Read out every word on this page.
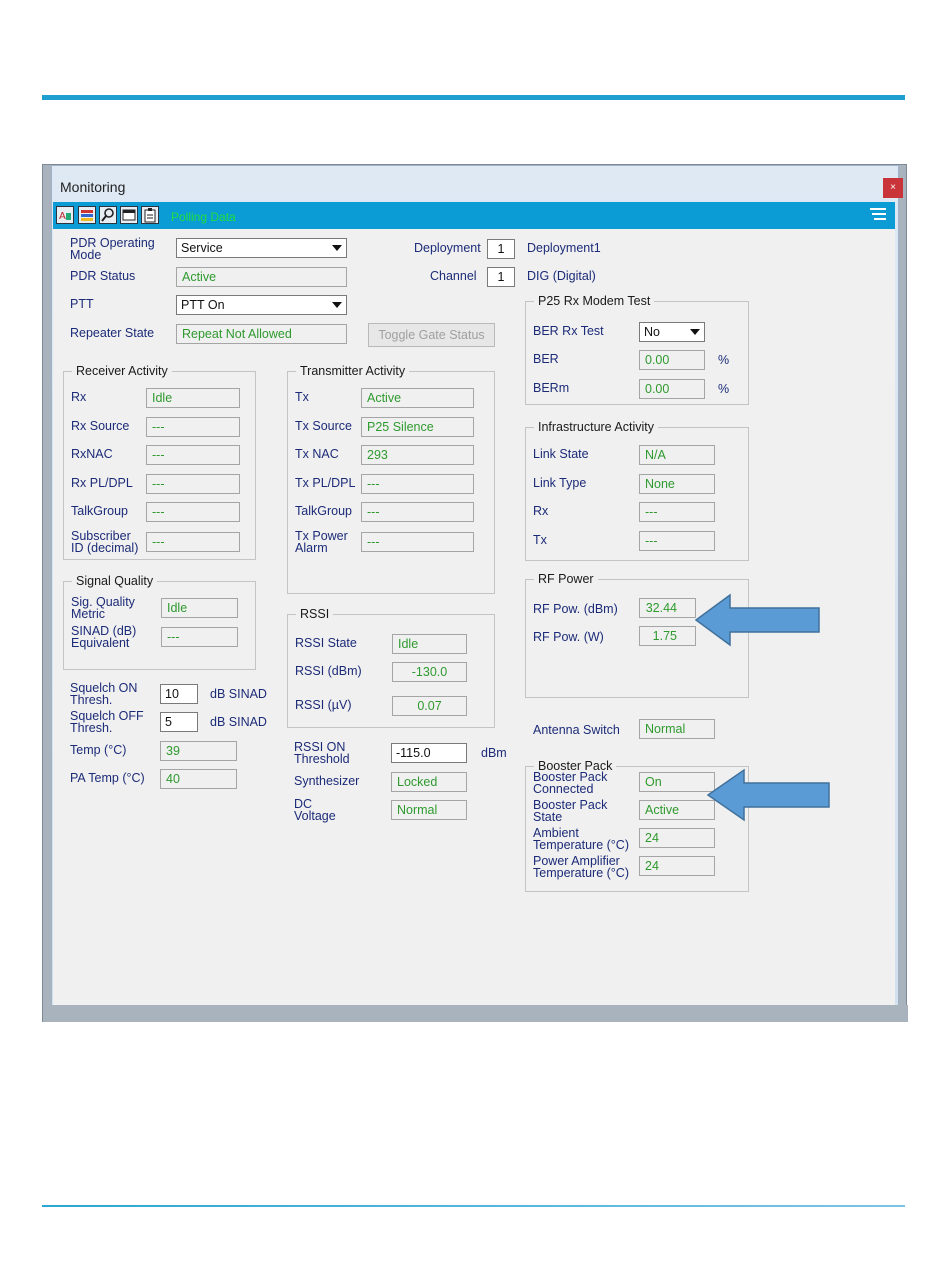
Monitoring	×
A	Polling Data
PDR Operating Mode	Service
PDR Status	Active
PTT	PTT On
Repeater State	Repeat Not Allowed	Toggle Gate Status
Deployment	1	Deployment1
Channel	1	DIG (Digital)
Receiver Activity
Rx	Idle
Rx Source	---
RxNAC	---
Rx PL/DPL	---
TalkGroup	---
Subscriber ID (decimal)	---
Transmitter Activity
Tx	Active
Tx Source	P25 Silence
Tx NAC	293
Tx PL/DPL ---
TalkGroup	---
Tx Power Alarm	---
Signal Quality
Sig. Quality Metric	Idle
SINAD (dB) Equivalent	---
Squelch ON Thresh.	10	dB SINAD
Squelch OFF Thresh.	5	dB SINAD
Temp (°C)	39
PA Temp (°C)	40
RSSI
RSSI State	Idle
RSSI (dBm)	-130.0
RSSI (µV)	0.07
RSSI ON Threshold	-115.0	dBm
Synthesizer	Locked
DC Voltage	Normal
P25 Rx Modem Test
BER Rx Test	No
BER	0.00	%
BERm	0.00	%
Infrastructure Activity
Link State	N/A
Link Type	None
Rx	---
Tx	---
RF Power
RF Pow. (dBm)	32.44
RF Pow. (W)	1.75
Antenna Switch	Normal
Booster Pack
Booster Pack Connected	On
Booster Pack State	Active
Ambient Temperature (°C)	24
Power Amplifier Temperature (°C)	24
